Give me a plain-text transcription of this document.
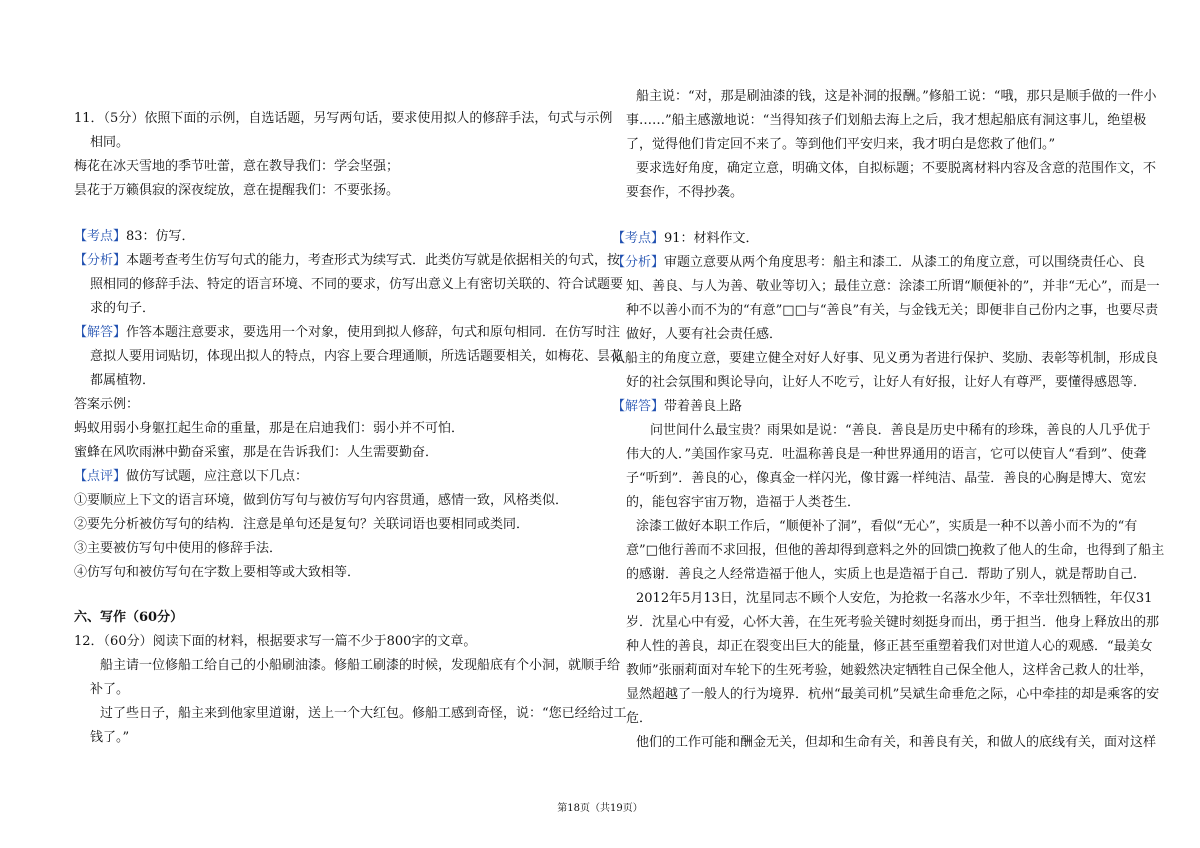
11．（5分）依照下面的示例，自选话题，另写两句话，要求使用拟人的修辞手法，句式与示例
相同。
梅花在冰天雪地的季节吐蕾，意在教导我们：学会坚强；
昙花于万籁俱寂的深夜绽放，意在提醒我们：不要张扬。
【考点】83：仿写．
【分析】本题考查考生仿写句式的能力，考查形式为续写式．此类仿写就是依据相关的句式，按
照相同的修辞手法、特定的语言环境、不同的要求，仿写出意义上有密切关联的、符合试题要
求的句子．
【解答】作答本题注意要求，要选用一个对象，使用到拟人修辞，句式和原句相同．在仿写时注
意拟人要用词贴切，体现出拟人的特点，内容上要合理通顺，所选话题要相关，如梅花、昙花
都属植物．
答案示例：
蚂蚁用弱小身躯扛起生命的重量，那是在启迪我们：弱小并不可怕．
蜜蜂在风吹雨淋中勤奋采蜜，那是在告诉我们：人生需要勤奋．
【点评】做仿写试题，应注意以下几点：
①要顺应上下文的语言环境，做到仿写句与被仿写句内容贯通，感情一致，风格类似．
②要先分析被仿写句的结构．注意是单句还是复句？关联词语也要相同或类同．
③主要被仿写句中使用的修辞手法．
④仿写句和被仿写句在字数上要相等或大致相等．
六、写作（60分）
12．（60分）阅读下面的材料，根据要求写一篇不少于800字的文章。
船主请一位修船工给自己的小船刷油漆。修船工刷漆的时候，发现船底有个小洞，就顺手给
补了。
过了些日子，船主来到他家里道谢，送上一个大红包。修船工感到奇怪，说：“您已经给过工
钱了。”
船主说：“对，那是刷油漆的钱，这是补洞的报酬。”修船工说：“哦，那只是顺手做的一件小
事……”船主感激地说：“当得知孩子们划船去海上之后，我才想起船底有洞这事儿，绝望极
了，觉得他们肯定回不来了。等到他们平安归来，我才明白是您救了他们。”
要求选好角度，确定立意，明确文体，自拟标题；不要脱离材料内容及含意的范围作文，不
要套作，不得抄袭。
【考点】91：材料作文．
【分析】审题立意要从两个角度思考：船主和漆工．从漆工的角度立意，可以围绕责任心、良
知、善良、与人为善、敬业等切入；最佳立意：涂漆工所谓“顺便补的”，并非“无心”，而是一
种不以善小而不为的“有意”□□与“善良”有关，与金钱无关；即便非自己份内之事，也要尽责
做好，人要有社会责任感．
从船主的角度立意，要建立健全对好人好事、见义勇为者进行保护、奖励、表彰等机制，形成良
好的社会氛围和舆论导向，让好人不吃亏，让好人有好报，让好人有尊严，要懂得感恩等．
【解答】带着善良上路
问世间什么最宝贵？雨果如是说：“善良．善良是历史中稀有的珍珠，善良的人几乎优于
伟大的人．”美国作家马克．吐温称善良是一种世界通用的语言，它可以使盲人“看到”、使聋
子“听到”．善良的心，像真金一样闪光，像甘露一样纯洁、晶莹．善良的心胸是博大、宽宏
的，能包容宇宙万物，造福于人类苍生．
涂漆工做好本职工作后，“顺便补了洞”，看似“无心”，实质是一种不以善小而不为的“有
意”□他行善而不求回报，但他的善却得到意料之外的回馈□挽救了他人的生命，也得到了船主
的感谢．善良之人经常造福于他人，实质上也是造福于自己．帮助了别人，就是帮助自己．
2012年5月13日，沈星同志不顾个人安危，为抢救一名落水少年，不幸壮烈牺牲，年仅31
岁．沈星心中有爱，心怀大善，在生死考验关键时刻挺身而出，勇于担当．他身上释放出的那
种人性的善良，却正在裂变出巨大的能量，修正甚至重塑着我们对世道人心的观感．“最美女
教师”张丽莉面对车轮下的生死考验，她毅然决定牺牲自己保全他人，这样舍己救人的壮举，
显然超越了一般人的行为境界．杭州“最美司机”吴斌生命垂危之际，心中牵挂的却是乘客的安
危．
他们的工作可能和酬金无关，但却和生命有关，和善良有关，和做人的底线有关，面对这样
第18页（共19页）
